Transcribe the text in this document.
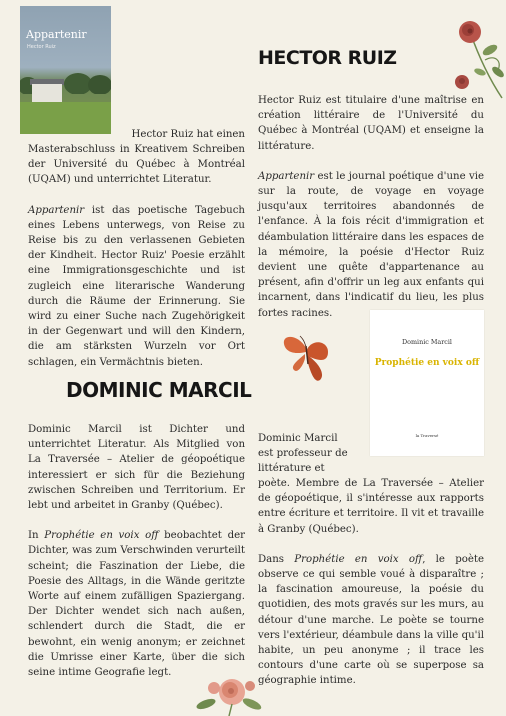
Appartenir
Hector Ruiz	HECTOR RUIZ

Hector Ruiz est titulaire d'une maîtrise en création littéraire de l'Université du Québec à Montréal (UQAM) et enseigne la littérature.

Appartenir est le journal poétique d'une vie sur la route, de voyage en voyage jusqu'aux territoires abandonnés de l'enfance. À la fois récit d'immigration et déambulation littéraire dans les espaces de la mémoire, la poésie d'Hector Ruiz devient une quête d'appartenance au présent, afin d'offrir un leg aux enfants qui incarnent, dans l'indicatif du lieu, les plus fortes racines.

Hector Ruiz hat einen

Masterabschluss in Kreativem Schreiben der Université du Québec à Montréal (UQAM) und unterrichtet Literatur.

Appartenir ist das poetische Tagebuch eines Lebens unterwegs, von Reise zu Reise bis zu den verlassenen Gebieten der Kindheit. Hector Ruiz' Poesie erzählt eine Immigrationsgeschichte und ist zugleich eine literarische Wanderung durch die Räume der Erinnerung. Sie wird zu einer Suche nach Zugehörigkeit in der Gegenwart und will den Kindern, die am stärksten Wurzeln vor Ort schlagen, ein Vermächtnis bieten.

Dominic Marcil
Prophétie en voix off
la Traversé
DOMINIC MARCIL

Dominic Marcil ist Dichter und unterrichtet Literatur. Als Mitglied von La Traversée – Atelier de géopoétique interessiert er sich für die Beziehung zwischen Schreiben und Territorium. Er lebt und arbeitet in Granby (Québec).

In Prophétie en voix off beobachtet der Dichter, was zum Verschwinden verurteilt scheint; die Faszination der Liebe, die Poesie des Alltags, in die Wände geritzte Worte auf einem zufälligen Spaziergang. Der Dichter wendet sich nach außen, schlendert durch die Stadt, die er bewohnt, ein wenig anonym; er zeichnet die Umrisse einer Karte, über die sich seine intime Geografie legt.

Dominic Marcil
est professeur de
littérature et

poète. Membre de La Traversée – Atelier de géopoétique, il s'intéresse aux rapports entre écriture et territoire. Il vit et travaille à Granby (Québec).

Dans Prophétie en voix off, le poète observe ce qui semble voué à disparaître ; la fascination amoureuse, la poésie du quotidien, des mots gravés sur les murs, au détour d'une marche. Le poète se tourne vers l'extérieur, déambule dans la ville qu'il habite, un peu anonyme ; il trace les contours d'une carte où se superpose sa géographie intime.
